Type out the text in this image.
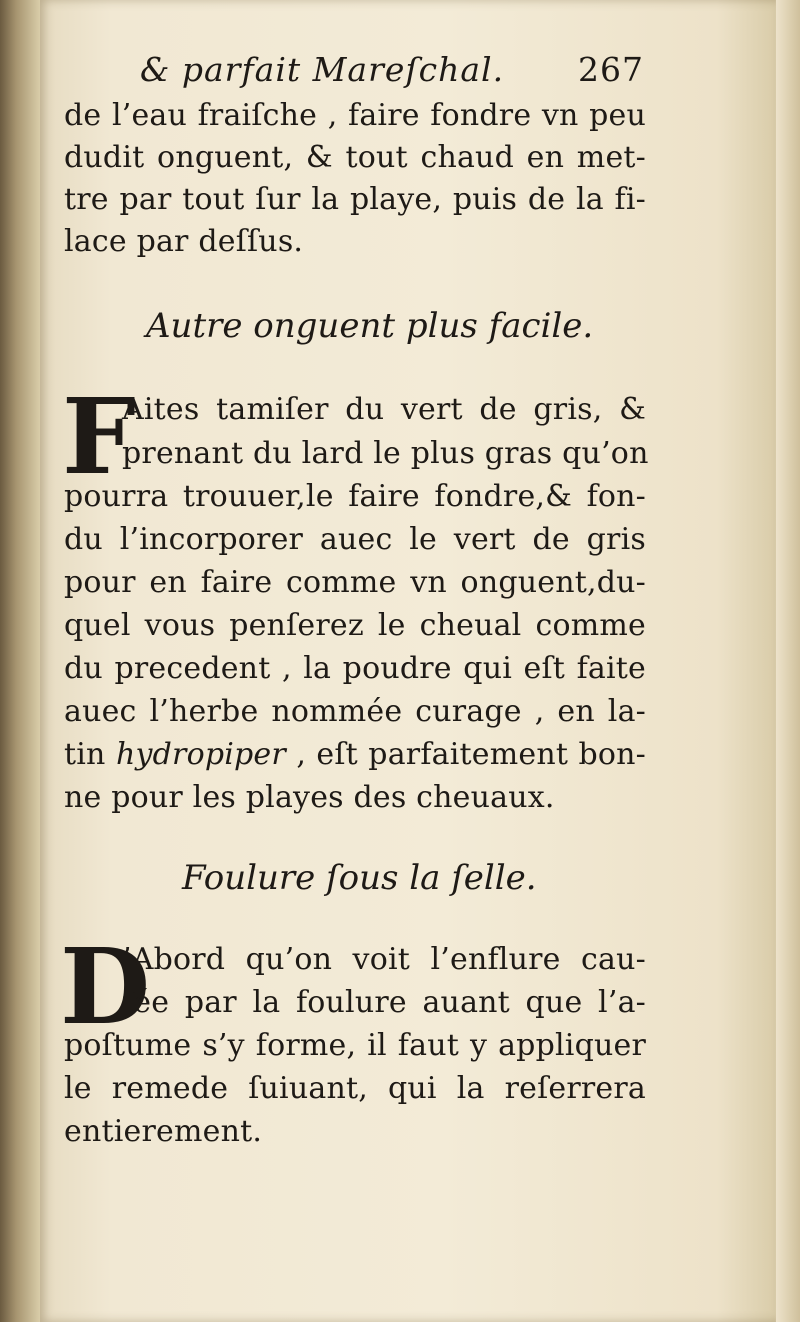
& parfait Mareſchal. 267
de l’eau fraiſche , faire fondre vn peu
dudit onguent, & tout chaud en met-
tre par tout ſur la playe, puis de la fi-
lace par deſſus.
Autre onguent plus facile.
F
Aites tamiſer du vert de gris, &
prenant du lard le plus gras qu’on
pourra trouuer,le faire fondre,& fon-
du l’incorporer auec le vert de gris
pour en faire comme vn onguent,du-
quel vous penſerez le cheual comme
du precedent , la poudre qui eſt faite
auec l’herbe nommée curage , en la-
tin hydropiper , eſt parfaitement bon-
ne pour les playes des cheuaux.
Foulure ſous la ſelle.
D
’Abord qu’on voit l’enflure cau-
ſée par la foulure auant que l’a-
poſtume s’y forme, il faut y appliquer
le remede ſuiuant, qui la reſerrera
entierement.
